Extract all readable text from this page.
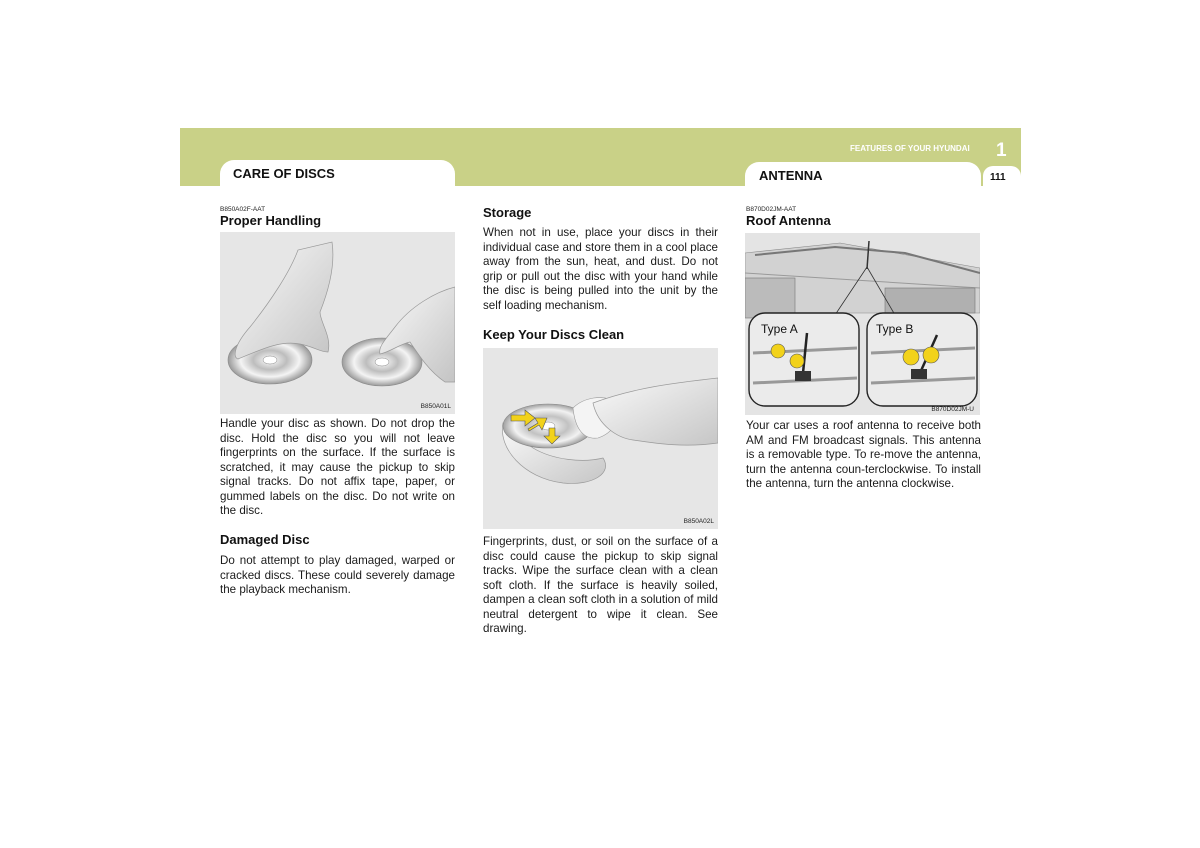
FEATURES OF YOUR HYUNDAI 1
111
CARE OF DISCS	ANTENNA
B850A02F-AAT
Proper Handling
B850A01L

Handle your disc as shown. Do not drop the disc. Hold the disc so you will not leave fingerprints on the surface. If the surface is scratched, it may cause the pickup to skip signal tracks. Do not affix tape, paper, or gummed labels on the disc. Do not write on the disc.

Damaged Disc

Do not attempt to play damaged, warped or cracked discs. These could severely damage the playback mechanism.

Storage

When not in use, place your discs in their individual case and store them in a cool place away from the sun, heat, and dust. Do not grip or pull out the disc with your hand while the disc is being pulled into the unit by the self loading mechanism.

Keep Your Discs Clean
B850A02L

Fingerprints, dust, or soil on the surface of a disc could cause the pickup to skip signal tracks. Wipe the surface clean with a clean soft cloth. If the surface is heavily soiled, dampen a clean soft cloth in a solution of mild neutral detergent to wipe it clean. See drawing.

B870D02JM-AAT
Roof Antenna
Type A	Type B
B870D02JM-U

Your car uses a roof antenna to receive both AM and FM broadcast signals. This antenna is a removable type. To re-move the antenna, turn the antenna coun-terclockwise. To install the antenna, turn the antenna clockwise.
